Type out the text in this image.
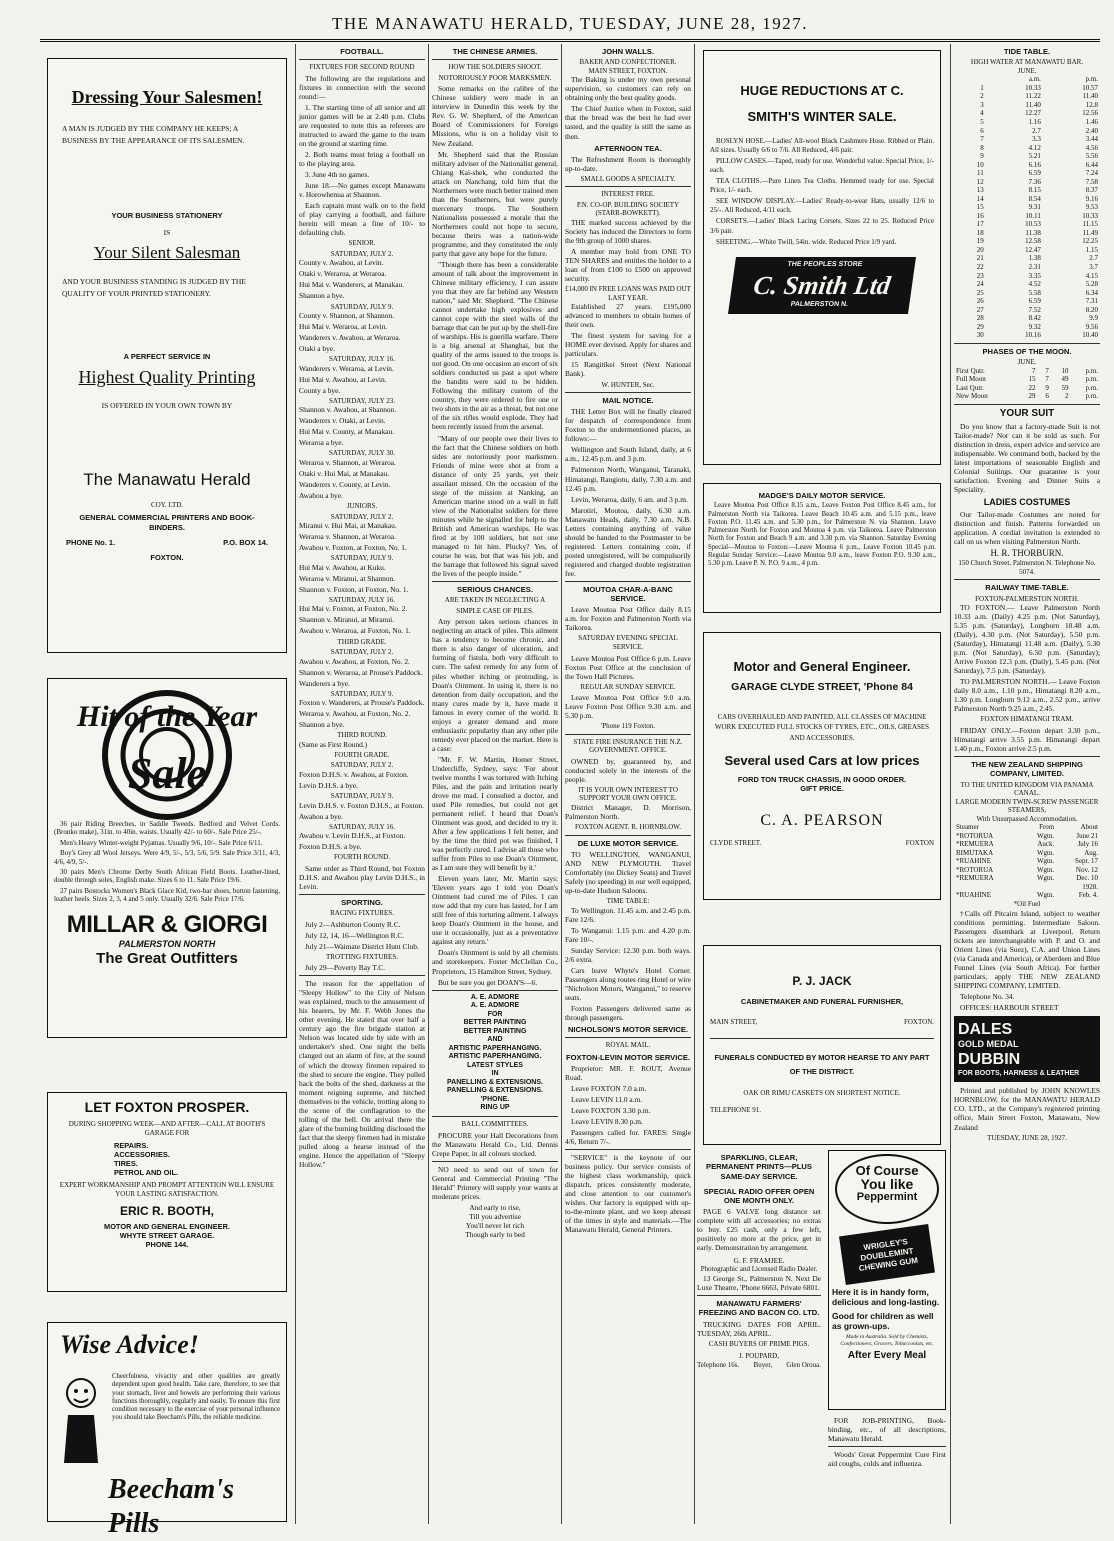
THE MANAWATU HERALD, TUESDAY, JUNE 28, 1927.
Dressing Your Salesmen!
A MAN IS JUDGED BY THE COMPANY HE KEEPS; A BUSINESS BY THE APPEARANCE OF ITS SALESMEN.
YOUR BUSINESS STATIONERY
IS
Your Silent Salesman
AND YOUR BUSINESS STANDING IS JUDGED BY THE QUALITY OF YOUR PRINTED STATIONERY.
A PERFECT SERVICE IN
Highest Quality Printing
IS OFFERED IN YOUR OWN TOWN BY
The Manawatu Herald
COY. LTD.
GENERAL COMMERCIAL PRINTERS AND BOOK-BINDERS.
PHONE No. 1.	P.O. BOX 14.
FOXTON.
Hit of the Year
Sale
36 pair Riding Breeches, in Saddle Tweeds. Bedford and Velvet Cords. (Bronko make), 31in. to 40in. waists. Usually 42/- to 60/-. Sale Price 25/-.
Men's Heavy Winter-weight Pyjamas. Usually 9/6, 10/-. Sale Price 6/11.
Boy's Grey all Wool Jerseys. Were 4/9, 5/-, 5/3, 5/6, 5/9. Sale Price 3/11, 4/3, 4/6, 4/9, 5/-.
30 pairs Men's Chrome Derby South African Field Boots. Leather-lined, double through soles, English make. Sizes 6 to 11. Sale Price 19/6.
27 pairs Bostocks Women's Black Glace Kid, two-bar shoes, button fastening, leather heels. Sizes 2, 3, 4 and 5 only. Usually 32/6. Sale Price 17/6.
MILLAR & GIORGI
PALMERSTON NORTH
The Great Outfitters
LET FOXTON PROSPER.
DURING SHOPPING WEEK—AND AFTER—CALL AT BOOTH'S GARAGE FOR
REPAIRS.
ACCESSORIES.
TIRES.
PETROL AND OIL.
EXPERT WORKMANSHIP AND PROMPT ATTENTION WILL ENSURE YOUR LASTING SATISFACTION.
ERIC R. BOOTH,
MOTOR AND GENERAL ENGINEER.
WHYTE STREET GARAGE.
PHONE 144.
Wise Advice!
Cheerfulness, vivacity and other qualities are greatly dependent upon good health. Take care, therefore, to see that your stomach, liver and bowels are performing their various functions thoroughly, regularly and easily. To ensure this first condition necessary to the exercise of your personal influence you should take Beecham's Pills, the reliable medicine.
Beecham's Pills
FOOTBALL.
FIXTURES FOR SECOND ROUND
The following are the regulations and fixtures in connection with the second round:—
1. The starting time of all senior and all junior games will be at 2.40 p.m. Clubs are requested to note this as referees are instructed to award the game to the team on the ground at starting time.
2. Both teams must bring a football on to the playing area.
3. June 4th no games.
June 18.—No games except Manawatu v. Horowhenua at Shannon.
Each captain must walk on to the field of play carrying a football, and failure herein will mean a fine of 10/- to defaulting club.
SENIOR.
SATURDAY, JULY 2.
County v. Awahou, at Levin.
Otaki v. Weraroa, at Weraroa.
Hui Mai v. Wanderers, at Manakau.
Shannon a bye.
SATURDAY, JULY 9.
County v. Shannon, at Shannon.
Hui Mai v. Weraroa, at Levin.
Wanderers v. Awahou, at Weraroa.
Otaki a bye.
SATURDAY, JULY 16.
Wanderers v. Weraroa, at Levin.
Hui Mai v. Awahou, at Levin.
County a bye.
SATURDAY, JULY 23.
Shannon v. Awahou, at Shannon.
Wanderers v. Otaki, at Levin.
Hui Mai v. County, at Manakau.
Weraroa a bye.
SATURDAY, JULY 30.
Weraroa v. Shannon, at Weraroa.
Otaki v. Hui Mai, at Manakau.
Wanderers v. County, at Levin.
Awahou a bye.
JUNIORS.
SATURDAY, JULY 2.
Miranui v. Hui Mai, at Manakau.
Weraroa v. Shannon, at Weraroa.
Awahou v. Foxton, at Foxton, No. 1.
SATURDAY, JULY 9.
Hui Mai v. Awahou, at Kuku.
Weraroa v. Miranui, at Shannon.
Shannon v. Foxton, at Foxton, No. 1.
SATURDAY, JULY 16.
Hui Mai v. Foxton, at Foxton, No. 2.
Shannon v. Miranui, at Miranui.
Awahou v. Weraroa, at Foxton, No. 1.
THIRD GRADE.
SATURDAY, JULY 2.
Awahou v. Awahou, at Foxton, No. 2.
Shannon v. Weraroa, at Prouse's Paddock.
Wanderers a bye.
SATURDAY, JULY 9.
Foxton v. Wanderers, at Prouse's Paddock.
Weraroa v. Awahou, at Foxton, No. 2.
Shannon a bye.
THIRD ROUND.
(Same as First Round.)
FOURTH GRADE.
SATURDAY, JULY 2.
Foxton D.H.S. v. Awahou, at Foxton.
Levin D.H.S. a bye.
SATURDAY, JULY 9.
Levin D.H.S. v. Foxton D.H.S., at Foxton.
Awahou a bye.
SATURDAY, JULY 16.
Awahou v. Levin D.H.S., at Foxton.
Foxton D.H.S. a bye.
FOURTH ROUND.
Same order as Third Round, but Foxton D.H.S. and Awahou play Levin D.H.S., in Levin.
SPORTING.
RACING FIXTURES.
July 2—Ashburton County R.C.
July 12, 14, 16—Wellington R.C.
July 21—Waimate District Hunt Club.
TROTTING FIXTURES.
July 29—Poverty Bay T.C.
The reason for the appellation of "Sleepy Hollow" to the City of Nelson was explained, much to the amusement of his hearers, by Mr. F. Webb Jones the other evening. He stated that over half a century ago the fire brigade station at Nelson was located side by side with an undertaker's shed. One night the bells clanged out an alarm of fire, at the sound of which the drowsy firemen repaired to the shed to secure the engine. They pulled back the bolts of the shed, darkness at the moment reigning supreme, and hitched themselves to the vehicle, trotting along to the scene of the conflagration to the tolling of the bell. On arrival there the glare of the burning building disclosed the fact that the sleepy firemen had in mistake pulled along a hearse instead of the engine. Hence the appellation of "Sleepy Hollow."
THE CHINESE ARMIES.
HOW THE SOLDIERS SHOOT.
NOTORIOUSLY POOR MARKSMEN.
Some remarks on the calibre of the Chinese soldiery were made in an interview in Dunedin this week by the Rev. G. W. Shepherd, of the American Board of Commissioners for Foreign Missions, who is on a holiday visit to New Zealand.
Mr. Shepherd said that the Russian military adviser of the Nationalist general, Chiang Kai-shek, who conducted the attack on Nanchang, told him that the Northerners were much better trained men than the Southerners, but were purely mercenary troops. The Southern Nationalists possessed a morale that the Northerners could not hope to secure, because theirs was a nation-wide programme, and they constituted the only party that gave any hope for the future.
"Though there has been a considerable amount of talk about the improvement in Chinese military efficiency, I can assure you that they are far behind any Western nation," said Mr. Shepherd. "The Chinese cannot undertake high explosives and cannot cope with the steel walls of the barrage that can be put up by the shell-fire of warships. His is guerilla warfare. There is a big arsenal at Shanghai, but the quality of the arms issued to the troops is not good. On one occasion an escort of six soldiers conducted us past a spot where the bandits were said to be hidden. Following the military custom of the country, they were ordered to fire one or two shots in the air as a threat, but not one of the six rifles would explode. They had been recently issued from the arsenal.
"Many of our people owe their lives to the fact that the Chinese soldiers on both sides are notoriously poor marksmen. Friends of mine were shot at from a distance of only 25 yards, yet their assailant missed. On the occasion of the siege of the mission at Nanking, an American marine stood on a wall in full view of the Nationalist soldiers for three minutes while he signalled for help to the British and American warships. He was fired at by 100 soldiers, but not one managed to hit him. Plucky? Yes, of course he was, but that was his job, and the barrage that followed his signal saved the lives of the people inside."
SERIOUS CHANCES.
ARE TAKEN IN NEGLECTING A
SIMPLE CASE OF PILES.
Any person takes serious chances in neglecting an attack of piles. This ailment has a tendency to become chronic, and there is also danger of ulceration, and forming of fistula, both very difficult to cure. The safest remedy for any form of piles whether itching or protruding, is Doan's Ointment. In using it, there is no detention from daily occupation, and the many cures made by it, have made it famous in every corner of the world. It enjoys a greater demand and more enthusiastic popularity than any other pile remedy ever placed on the market. Here is a case:
"Mr. F. W. Martin, Homer Street, Undercliffe, Sydney, says: 'For about twelve months I was tortured with Itching Piles, and the pain and irritation nearly drove me mad. I consulted a doctor, and used Pile remedies, but could not get permanent relief. I heard that Doan's Ointment was good, and decided to try it. After a few applications I felt better, and by the time the third pot was finished, I was perfectly cured. I advise all those who suffer from Piles to use Doan's Ointment, as I am sure they will benefit by it.'
Eleven years later, Mr. Martin says: 'Eleven years ago I told you Doan's Ointment had cured me of Piles. I can now add that my cure has lasted, for I am still free of this torturing ailment. I always keep Doan's Ointment in the house, and use it occasionally, just as a preventative against any return.'
Doan's Ointment is sold by all chemists and storekeepers. Foster McClellan Co., Proprietors, 15 Hamilton Street, Sydney.
But be sure you get DOAN'S—6.
A. E. ADMORE
A. E. ADMORE
FOR
BETTER PAINTING
BETTER PAINTING
AND
ARTISTIC PAPERHANGING.
ARTISTIC PAPERHANGING.
LATEST STYLES
IN
PANELLING & EXTENSIONS.
PANELLING & EXTENSIONS.
'PHONE.
RING UP
BALL COMMITTEES.
PROCURE your Hall Decorations from the Manawatu Herald Co., Ltd. Dennis Crepe Paper, in all colours stocked.
NO need to send out of town for General and Commercial Printing "The Herald" Printery will supply your wants at moderate prices.
And early to rise,
Till you advertise
You'll never let rich
Though early to bed
JOHN WALLS.
BAKER AND CONFECTIONER.
MAIN STREET, FOXTON.
The Baking is under my own personal supervision, so customers can rely on obtaining only the best quality goods.
The Chief Justice when in Foxton, said that the bread was the best he had ever tasted, and the quality is still the same as then.
AFTERNOON TEA.
The Refreshment Room is thoroughly up-to-date.
SMALL GOODS A SPECIALTY.
INTEREST FREE.
P.N. CO-OP. BUILDING SOCIETY (STARR-BOWKETT).
THE marked success achieved by the Society has induced the Directors to form the 9th group of 1000 shares.
A member may hold from ONE TO TEN SHARES and entitles the holder to a loan of from £100 to £500 on approved security.
£14,000 IN FREE LOANS WAS PAID OUT LAST YEAR.
Established 27 years. £195,000 advanced to members to obtain homes of their own.
The finest system for saving for a HOME ever devised. Apply for shares and particulars.
15 Rangitikei Street (Next National Bank).
W. HUNTER, Sec.
MAIL NOTICE.
THE Letter Box will be finally cleared for despatch of correspondence from Foxton to the undermentioned places, as follows:—
Wellington and South Island, daily, at 6 a.m., 12.45 p.m. and 3 p.m.
Palmerston North, Wanganui, Taranaki, Himatangi, Rangiotu, daily, 7.30 a.m. and 12.45 p.m.
Levin, Weraroa, daily, 6 am. and 3 p.m.
Marotiri, Moutoa, daily, 6.30 a.m. Manawatu Heads, daily, 7.30 a.m. N.B. Letters containing anything of value should be handed to the Postmaster to be registered. Letters containing coin, if posted unregistered, will be compulsorily registered and charged double registration fee.
MOUTOA CHAR-A-BANC SERVICE.
Leave Moutoa Post Office daily 8.15 a.m. for Foxton and Palmerston North via Taikorea.
SATURDAY EVENING SPECIAL SERVICE.
Leave Moutoa Post Office 6 p.m. Leave Foxton Post Office at the conclusion of the Town Hall Pictures.
REGULAR SUNDAY SERVICE.
Leave Moutoa Post Office 9.0 a.m. Leave Foxton Post Office 9.30 a.m. and 5.30 p.m.
'Phone 119 Foxton.
STATE FIRE INSURANCE THE N.Z. GOVERNMENT. OFFICE.
OWNED by, guaranteed by, and conducted solely in the interests of the people.
IT IS YOUR OWN INTEREST TO SUPPORT YOUR OWN OFFICE.
District Manager, D. Morrison, Palmerston North.
FOXTON AGENT. R. HORNBLOW.
DE LUXE MOTOR SERVICE.
TO WELLINGTON, WANGANUI, AND NEW PLYMOUTH. Travel Comfortably (no Dickey Seats) and Travel Safely (no speeding) in our well equipped, up-to-date Hudson Saloons.
TIME TABLE:
To Wellington. 11.45 a.m. and 2.45 p.m. Fare 12/6.
To Wanganui: 1.15 p.m. and 4.20 p.m. Fare 10/-.
Sunday Service: 12.30 p.m. both ways. 2/6 extra.
Cars leave Whyte's Hotel Corner. Passengers along routes ring Hotel or wire "Nicholson Motors, Wanganui," to reserve seats.
Foxton Passengers delivered same as through passengers.
NICHOLSON'S MOTOR SERVICE.
ROYAL MAIL.
FOXTON-LEVIN MOTOR SERVICE.
Proprietor: MR. F. ROUT, Avenue Road.
Leave FOXTON 7.0 a.m.
Leave LEVIN 11.0 a.m.
Leave FOXTON 3.30 p.m.
Leave LEVIN 8.30 p.m.
Passengers called for. FARES: Single 4/6, Return 7/-.
"SERVICE" is the keynote of our business policy. Our service consists of the highest class workmanship, quick dispatch, prices consistently moderate, and close attention to our customer's wishes. Our factory is equipped with up-to-the-minute plant, and we keep abreast of the times in style and materials.—The Manawatu Herald, General Printers.
HUGE REDUCTIONS AT C.
SMITH'S WINTER SALE.
ROSLYN HOSE.—Ladies' All-wool Black Cashmere Hose. Ribbed or Plain. All sizes. Usually 6/6 to 7/6. All Reduced, 4/6 pair.
PILLOW CASES.—Taped, ready for use. Wonderful value. Special Price, 1/- each.
TEA CLOTHS.—Pure Linen Tea Cloths. Hemmed ready for use. Special Price, 1/- each.
SEE WINDOW DISPLAY.—Ladies' Ready-to-wear Hats, usually 12/6 to 25/-. All Reduced, 4/11 each.
CORSETS.—Ladies' Black Lacing Corsets. Sizes 22 to 25. Reduced Price 3/6 pair.
SHEETING.—White Twill, 54in. wide. Reduced Price 1/9 yard.
THE PEOPLES STORE
C. Smith Ltd
PALMERSTON N.
MADGE'S DAILY MOTOR SERVICE.
Leave Moutoa Post Office 8.15 a.m., Leave Foxton Post Office 8.45 a.m., for Palmerston North via Taikorea. Leave Beach 10.45 a.m. and 5.15 p.m., leave Foxton P.O. 11.45 a.m. and 5.30 p.m., for Palmerston N. via Shannon. Leave Palmerston North for Foxton and Moutoa 4 p.m. via Taikorea. Leave Palmerston North for Foxton and Beach 9 a.m. and 3.30 p.m. via Shannon. Saturday Evening Special—Moutoa to Foxton:—Leave Moutoa 6 p.m., Leave Foxton 10.45 p.m. Regular Sunday Service:—Leave Moutoa 9.0 a.m., leave Foxton P.O. 9.30 a.m., 5.30 p.m. Leave P. N. P.O. 9 a.m., 4 p.m.
Motor and General Engineer.
GARAGE CLYDE STREET, 'Phone 84
CARS OVERHAULED AND PAINTED, ALL CLASSES OF MACHINE WORK EXECUTED FULL STOCKS OF TYRES, ETC., OILS, GREASES AND ACCESSORIES.
Several used Cars at low prices
FORD TON TRUCK CHASSIS, IN GOOD ORDER.
GIFT PRICE.
C. A. PEARSON
CLYDE STREET.	FOXTON
P. J. JACK
CABINETMAKER AND FUNERAL FURNISHER,
MAIN STREET,	FOXTON.
FUNERALS CONDUCTED BY MOTOR HEARSE TO ANY PART OF THE DISTRICT.
OAK OR RIMU CASKETS ON SHORTEST NOTICE.
TELEPHONE 91.
SPARKLING, CLEAR, PERMANENT PRINTS—PLUS SAME-DAY SERVICE.
SPECIAL RADIO OFFER OPEN ONE MONTH ONLY.
PAGE 6 VALVE long distance set complete with all accessories; no extras to buy. £25 cash, only a few left, positively no more at the price, get in early. Demonstration by arrangement.
G. F. FRAMJEE.
Photographic and Licensed Radio Dealer.
13 George St., Palmerston N. Next De Luxe Theatre, 'Phone 6663, Private 6801.
MANAWATU FARMERS' FREEZING AND BACON CO. LTD.
TRUCKING DATES FOR APRIL. TUESDAY, 26th APRIL.
CASH BUYERS OF PRIME PIGS.
J. POUPARD,
Telephone 16s. Buyer, Glen Oroua.
Of Course
You like
Peppermint
WRIGLEY'S DOUBLEMINT CHEWING GUM
Here it is in handy form, delicious and long-lasting.
Good for children as well as grown-ups.
Made in Australia. Sold by Chemists, Confectioners, Grocers, Tobacconists, etc.
After Every Meal
FOR JOB-PRINTING, Book-binding, etc., of all descriptions, Manawatu Herald.
Woods' Great Peppermint Cure First aid coughs, colds and influenza.
TIDE TABLE.
HIGH WATER AT MANAWATU BAR.
JUNE.
	a.m.	p.m.
1	10.33	10.57
2	11.22	11.40
3	11.40	12.8
4	12.27	12.56
5	1.16	1.46
6	2.7	2.40
7	3.3	3.44
8	4.12	4.56
9	5.21	5.56
10	6.16	6.44
11	6.59	7.24
12	7.36	7.58
13	8.15	8.37
14	8.54	9.16
15	9.31	9.53
16	10.11	10.33
17	10.53	11.15
18	11.38	11.49
19	12.58	12.25
20	12.47	1.15
21	1.38	2.7
22	2.31	3.7
23	3.35	4.15
24	4.52	5.28
25	5.58	6.34
26	6.59	7.31
27	7.52	8.20
28	8.42	9.9
29	9.32	9.56
30	10.16	10.40
PHASES OF THE MOON.
JUNE.
First Qutr.	7	7	10	p.m.
Full Moon	15	7	49	p.m.
Last Qutr.	22	9	59	p.m.
New Moon	29	6	2	p.m.
YOUR SUIT
Do you know that a factory-made Suit is not Tailor-made? Nor can it be sold as such. For distinction in dress, expert advice and service are indispensable. We command both, backed by the latest importations of seasonable English and Colonial Suitings. Our guarantee is your satisfaction. Evening and Dinner Suits a Speciality.
LADIES COSTUMES
Our Tailor-made Costumes are noted for distinction and finish. Patterns forwarded on application. A cordial invitation is extended to call on us when visiting Palmerston North.
H. R. THORBURN.
150 Church Street, Palmerston N. Telephone No. 5074.
RAILWAY TIME-TABLE.
FOXTON-PALMERSTON NORTH.
TO FOXTON.— Leave Palmerston North 10.33 a.m. (Daily) 4.25 p.m. (Not Saturday), 5.35 p.m. (Saturday), Longburn 10.48 a.m. (Daily), 4.30 p.m. (Not Saturday), 5.50 p.m. (Saturday), Himatangi 11.48 a.m. (Daily), 5.30 p.m. (Not Saturday), 6.50 p.m. (Saturday); Arrive Foxton 12.3 p.m. (Daily), 5.45 p.m. (Not Saturday), 7.5 p.m. (Saturday).
TO PALMERSTON NORTH.— Leave Foxton daily 8.0 a.m., 1.10 p.m., Himatangi 8.20 a.m., 1.30 p.m. Longburn 9.12 a.m., 2.52 p.m., arrive Palmerston North 9.25 a.m., 2.45.
FOXTON HIMATANGI TRAM.
FRIDAY ONLY.—Foxton depart 3.30 p.m., Himatangi arrive 3.55 p.m. Himatangi depart 1.40 p.m., Foxton arrive 2.5 p.m.
THE NEW ZEALAND SHIPPING COMPANY, LIMITED.
TO THE UNITED KINGDOM VIA PANAMA CANAL.
LARGE MODERN TWIN-SCREW PASSENGER STEAMERS,
With Unsurpassed Accommodation.
Steamer	From	About
*ROTORUA	Wgtn.	June 21
*REMUERA	Auck.	July 16
RIMUTAKA	Wgtn.	Aug.
*RUAHINE	Wgtn.	Sept. 17
*ROTORUA	Wgtn.	Nov. 12
*REMUERA	Wgtn.	Dec. 10
		1928.
*RUAHINE	Wgtn.	Feb. 4.
*Oil Fuel
†Calls off Pitcairn Island, subject to weather conditions permitting. Intermediate Saloon. Passengers disembark at Liverpool. Return tickets are interchangeable with P. and O. and Orient Lines (via Suez), C.A. and Union Lines (via Canada and America), or Aberdeen and Blue Funnel Lines (via South Africa). For further particulars, apply THE NEW ZEALAND SHIPPING COMPANY, LIMITED.
Telephone No. 34.
OFFICES: HARBOUR STREET
DALES
GOLD MEDAL
DUBBIN
FOR BOOTS, HARNESS & LEATHER
Printed and published by JOHN KNOWLES HORNBLOW, for the MANAWATU HERALD CO. LTD., at the Company's registered printing office, Main Street Foxton, Manawatu, New Zealand
TUESDAY, JUNE 28, 1927.
